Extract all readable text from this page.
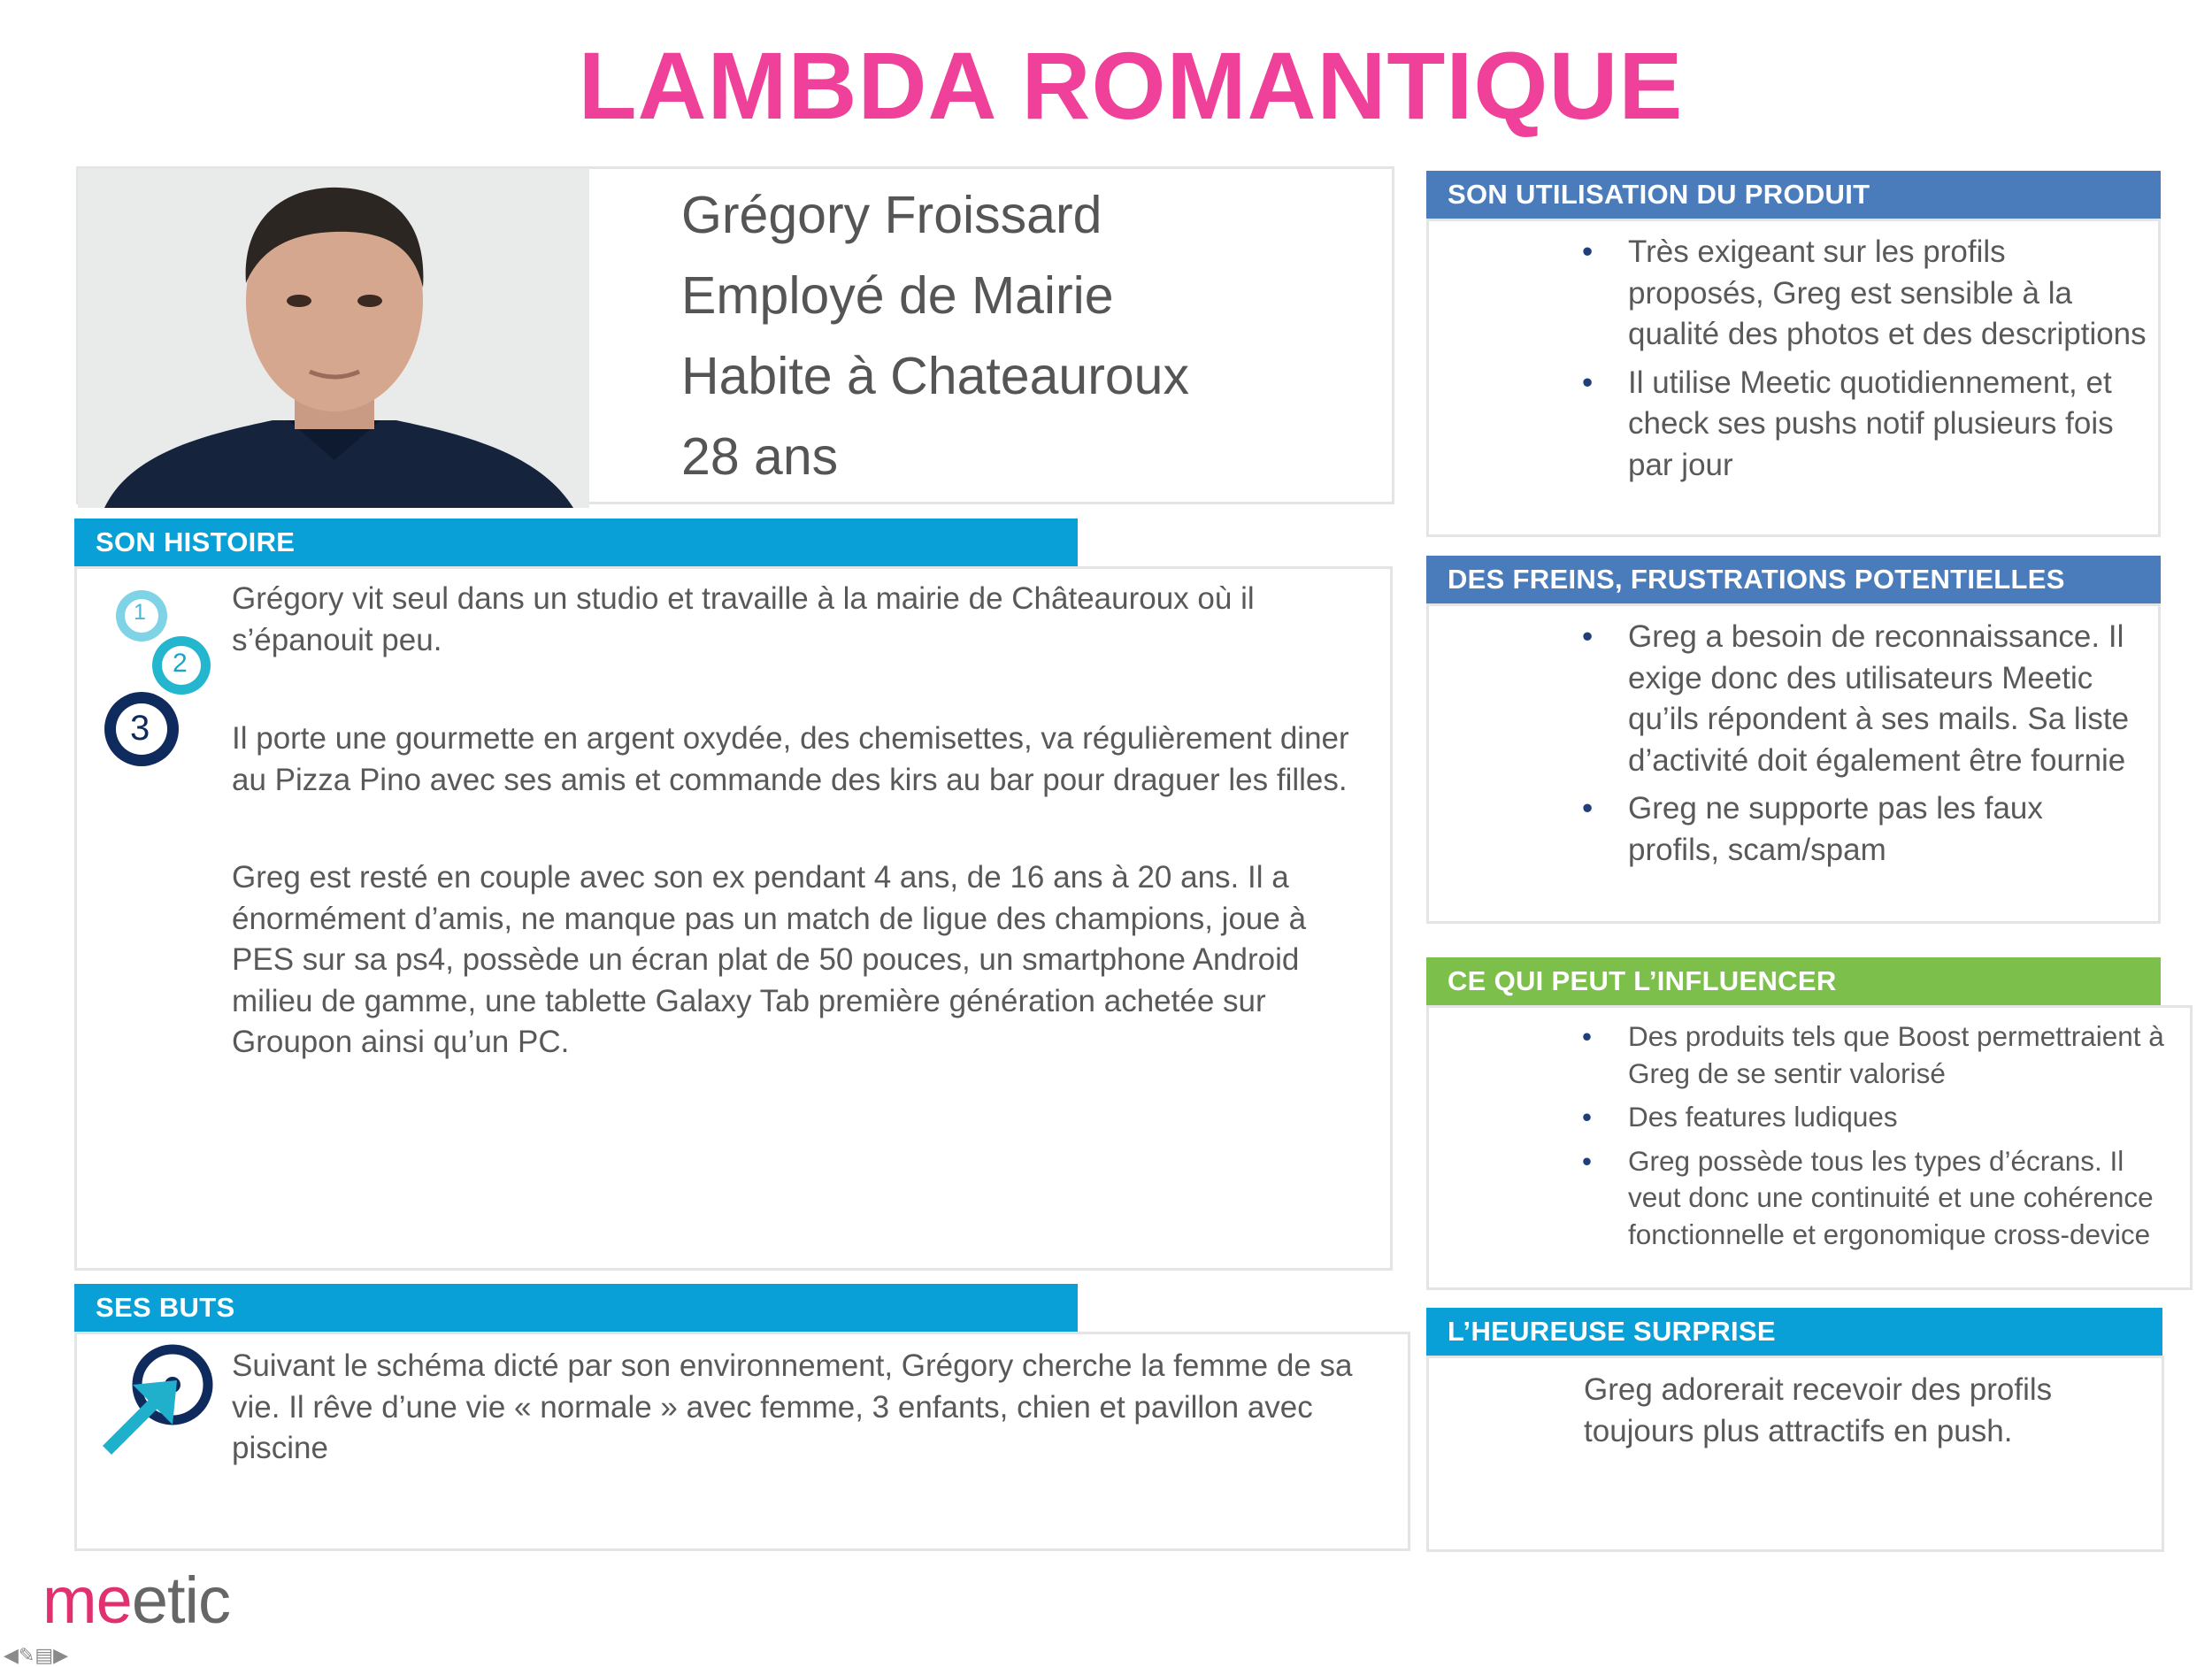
LAMBDA ROMANTIQUE
Grégory Froissard
Employé de Mairie
Habite à Chateauroux
28 ans
SON HISTOIRE
1
2
3
Grégory vit seul dans un studio et travaille à la mairie de Châteauroux où il s’épanouit peu.
Il porte une gourmette en argent oxydée, des chemisettes, va régulièrement diner au Pizza Pino avec ses amis et commande des kirs au bar pour draguer les filles.
Greg est resté en couple avec son ex pendant 4 ans, de 16 ans à 20 ans. Il a énormément d’amis, ne manque pas un match de ligue des champions, joue à PES sur sa ps4, possède un écran plat de 50 pouces, un smartphone Android milieu de gamme, une tablette Galaxy Tab première génération achetée sur Groupon ainsi qu’un PC.
SES BUTS
Suivant le schéma dicté par son environnement, Grégory cherche la femme de sa vie. Il rêve d’une vie « normale » avec femme, 3 enfants, chien et pavillon avec piscine
SON UTILISATION DU PRODUIT
• Très exigeant sur les profils proposés, Greg est sensible à la qualité des photos et des descriptions
• Il utilise Meetic quotidiennement, et check ses pushs notif plusieurs fois par jour
DES FREINS, FRUSTRATIONS POTENTIELLES
• Greg a besoin de reconnaissance. Il exige donc des utilisateurs Meetic qu’ils répondent à ses mails. Sa liste d’activité doit également être fournie
• Greg ne supporte pas les faux profils, scam/spam
CE QUI PEUT L’INFLUENCER
• Des produits tels que Boost permettraient à Greg de se sentir valorisé
• Des features ludiques
• Greg possède tous les types d’écrans. Il veut donc une continuité et une cohérence fonctionnelle et ergonomique cross-device
L’HEUREUSE SURPRISE
Greg adorerait recevoir des profils toujours plus attractifs en push.
meetic
◀✎▤▶
